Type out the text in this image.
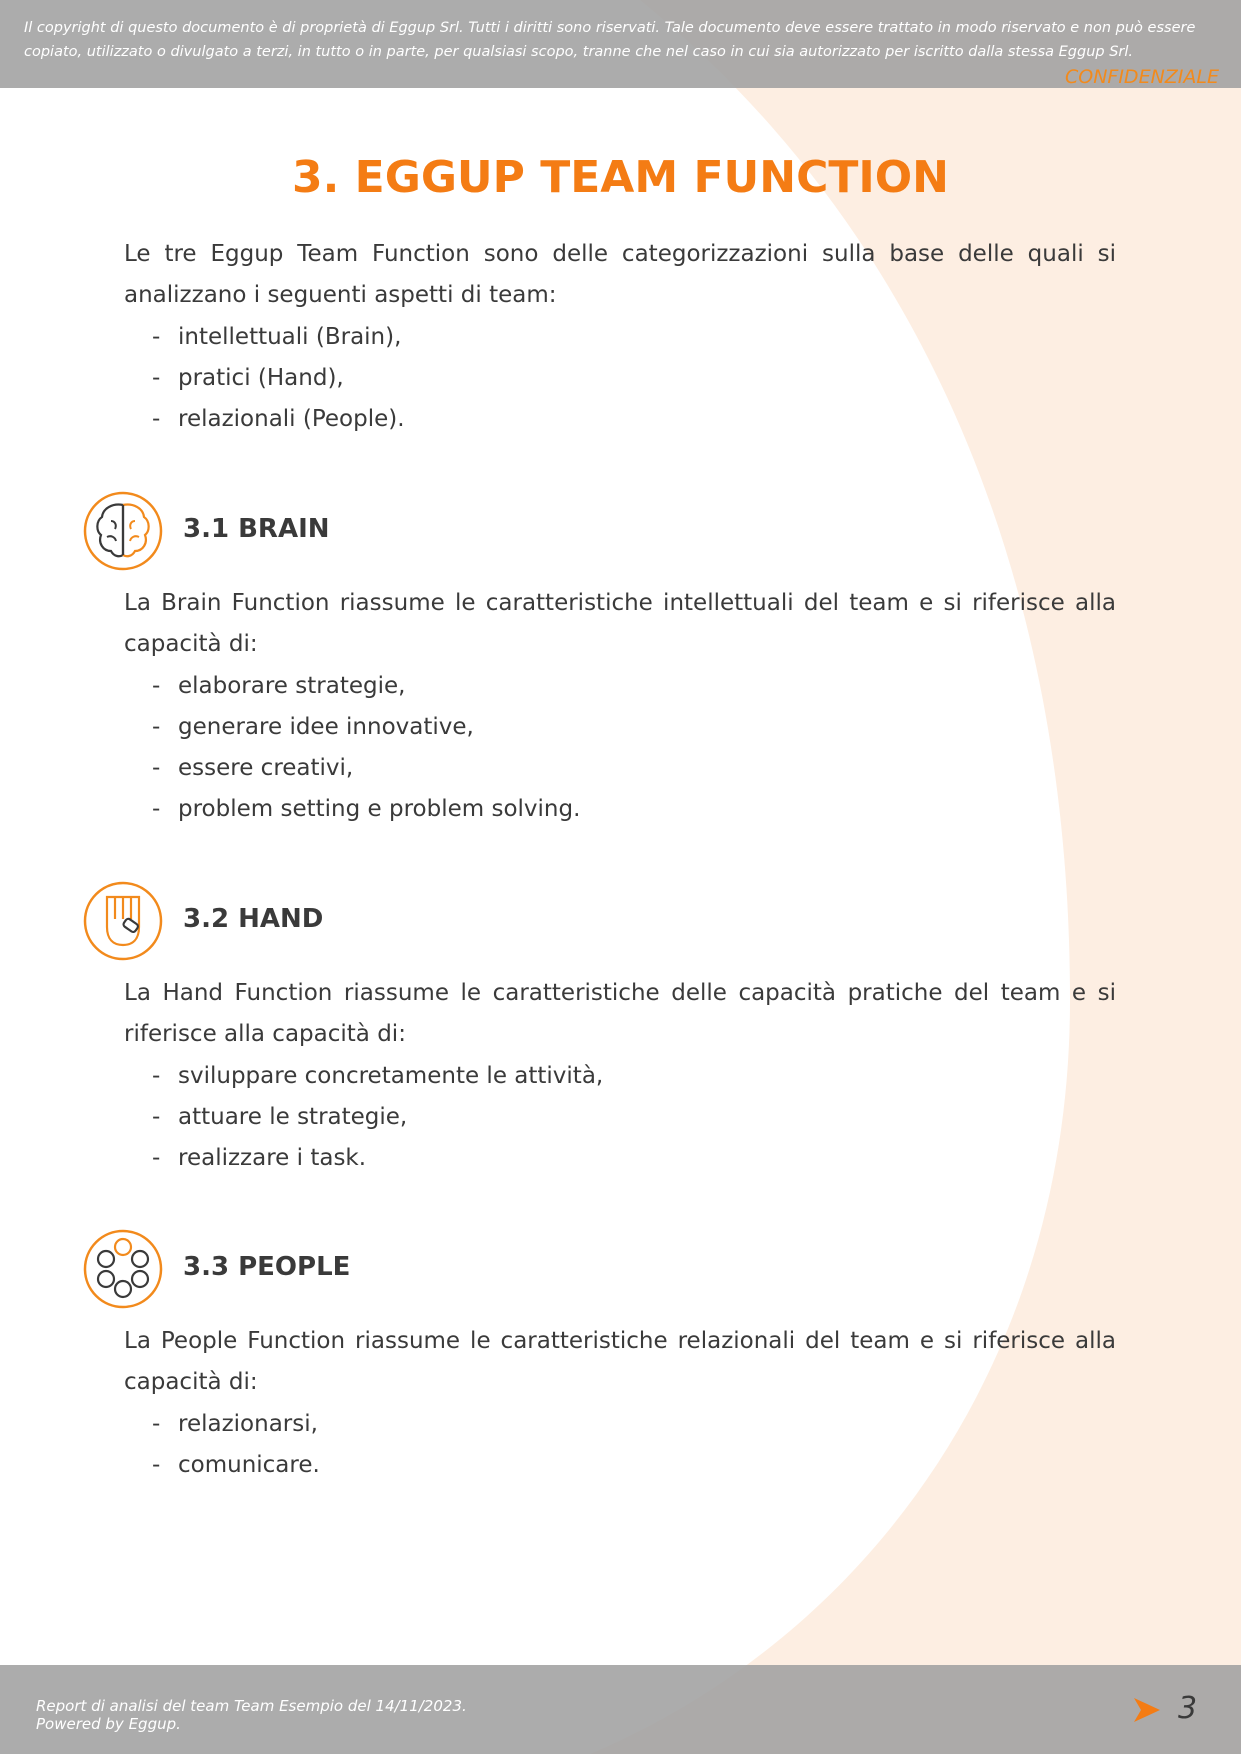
Il copyright di questo documento è di proprietà di Eggup Srl. Tutti i diritti sono riservati. Tale documento deve essere trattato in modo riservato e non può essere copiato, utilizzato o divulgato a terzi, in tutto o in parte, per qualsiasi scopo, tranne che nel caso in cui sia autorizzato per iscritto dalla stessa Eggup Srl.
CONFIDENZIALE
3. EGGUP TEAM FUNCTION
Le tre Eggup Team Function sono delle categorizzazioni sulla base delle quali si analizzano i seguenti aspetti di team:
- intellettuali (Brain),
- pratici (Hand),
- relazionali (People).
3.1 BRAIN
La Brain Function riassume le caratteristiche intellettuali del team e si riferisce alla capacità di:
- elaborare strategie,
- generare idee innovative,
- essere creativi,
- problem setting e problem solving.
3.2 HAND
La Hand Function riassume le caratteristiche delle capacità pratiche del team e si riferisce alla capacità di:
- sviluppare concretamente le attività,
- attuare le strategie,
- realizzare i task.
3.3 PEOPLE
La People Function riassume le caratteristiche relazionali del team e si riferisce alla capacità di:
- relazionarsi,
- comunicare.
Report di analisi del team Team Esempio del 14/11/2023.
Powered by Eggup.	3
